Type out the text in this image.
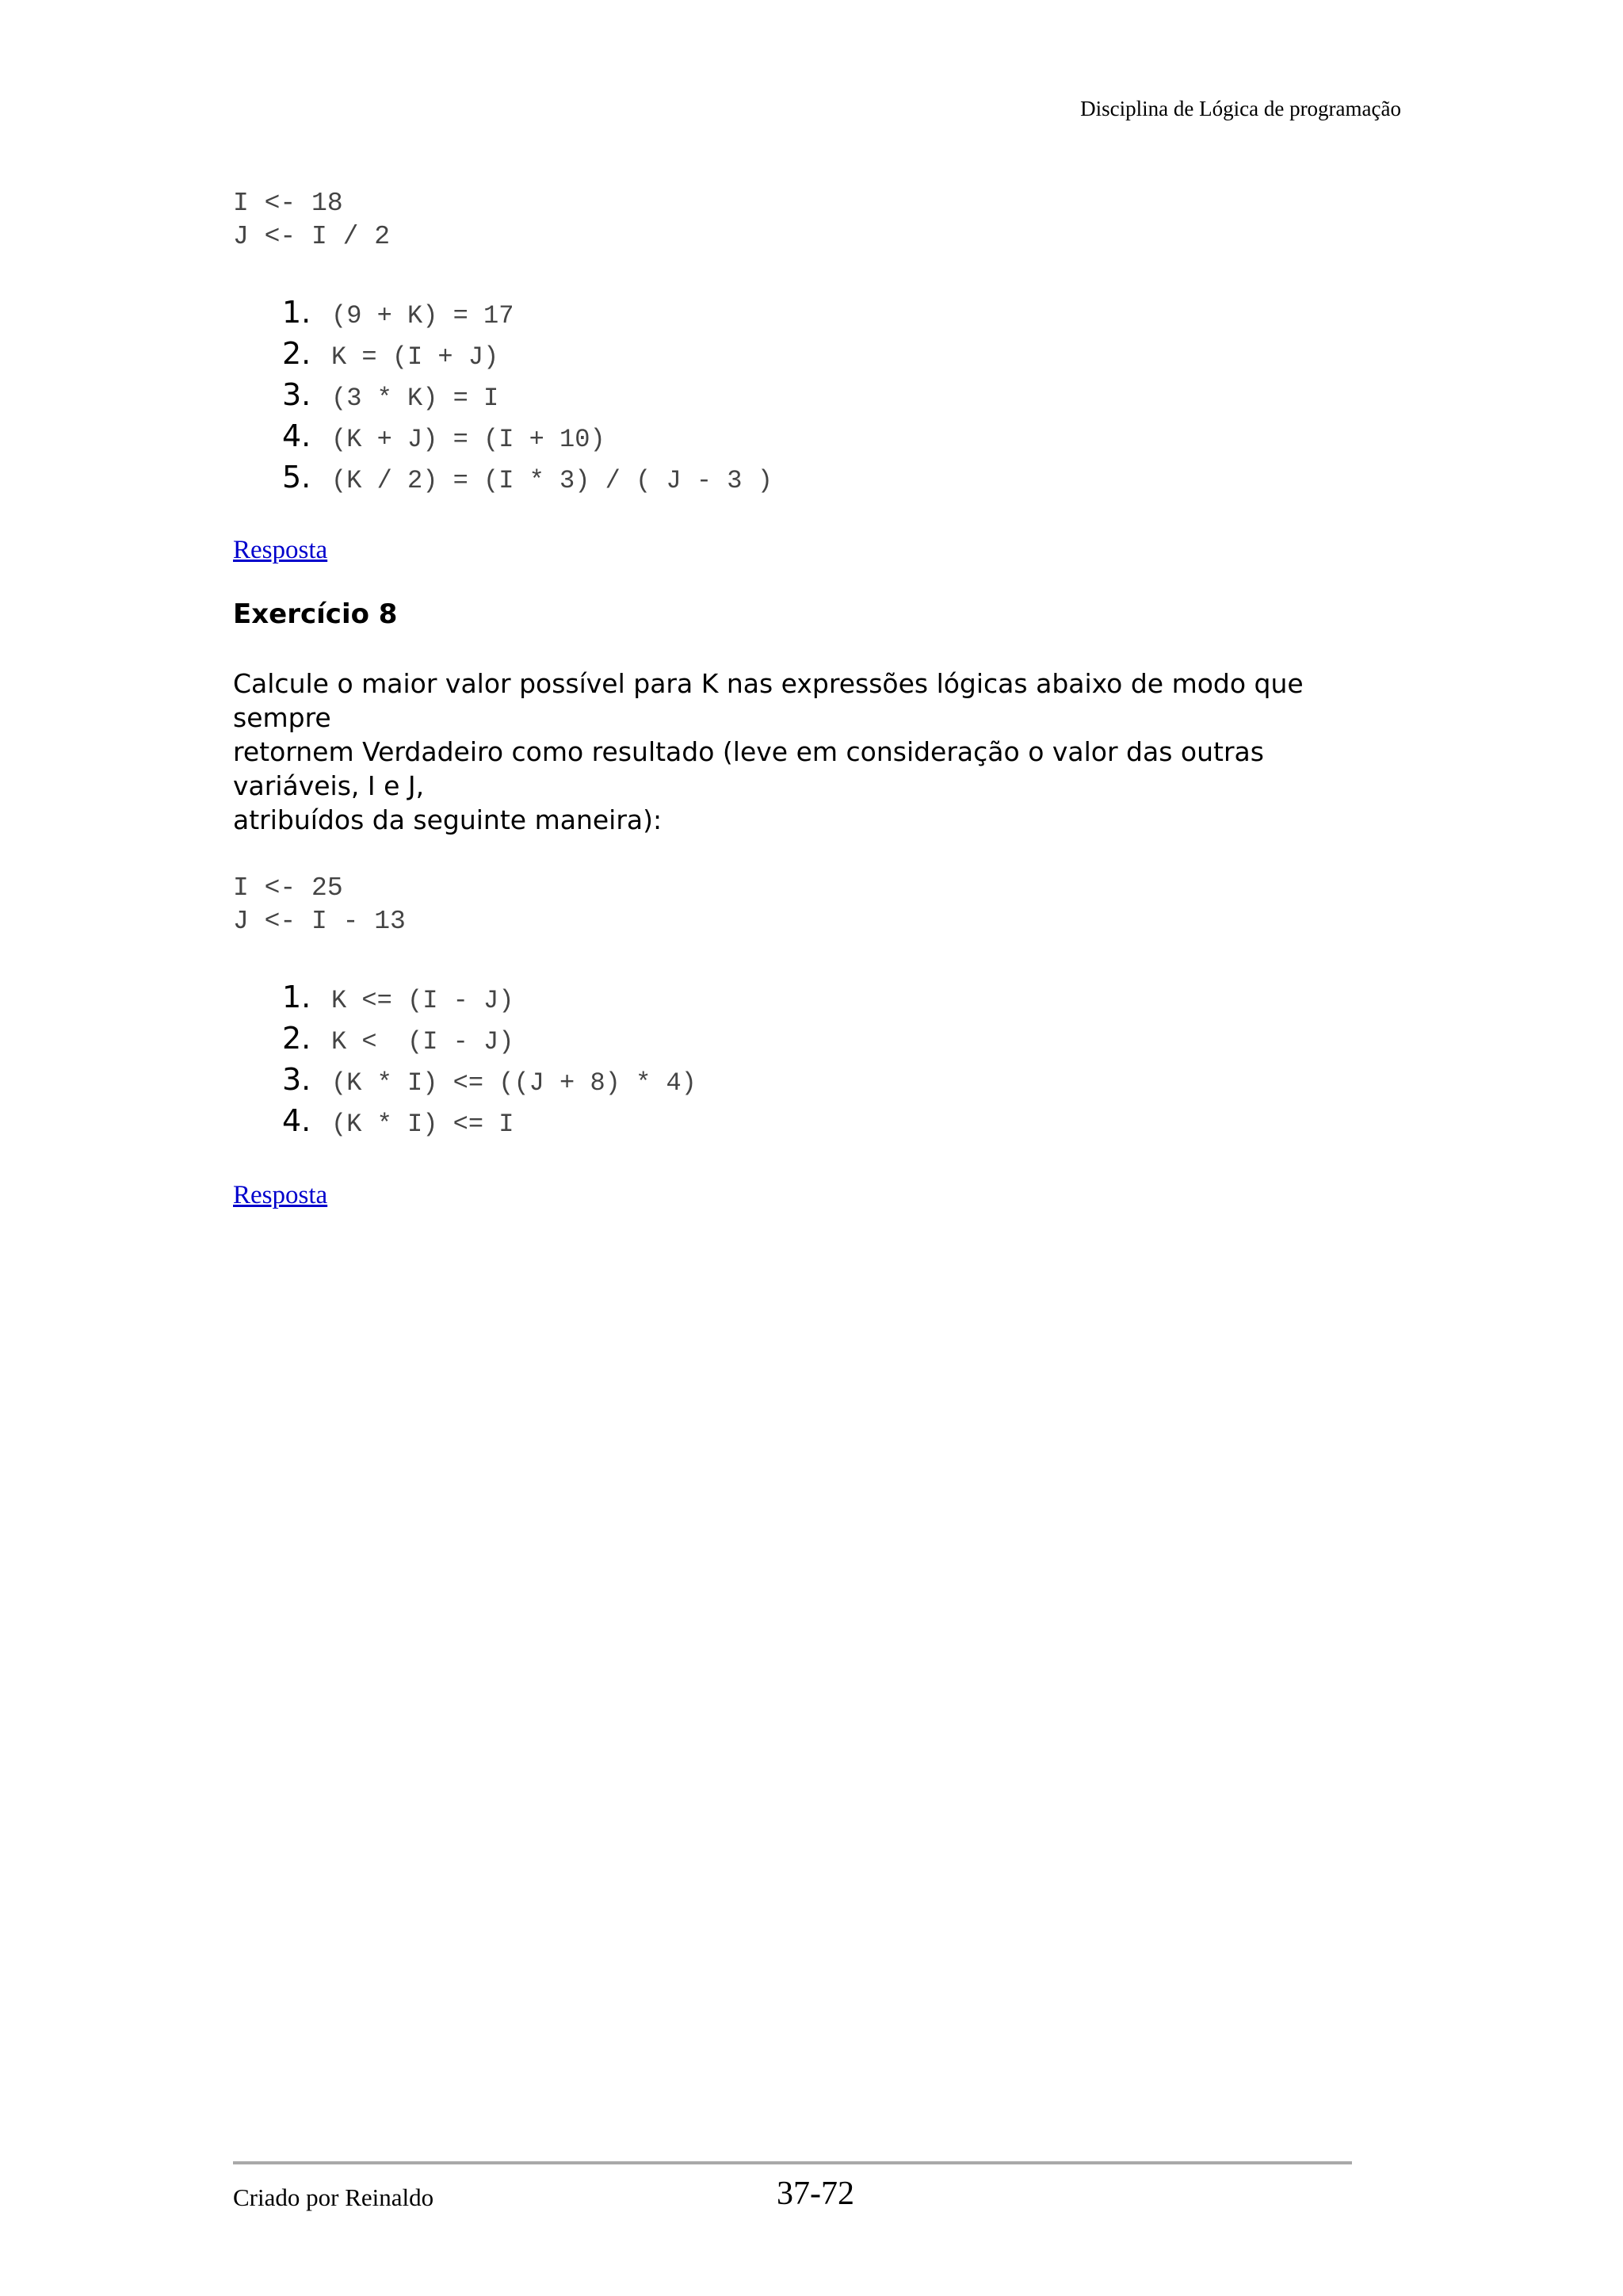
Disciplina de Lógica de programação
I <- 18
J <- I / 2
1. (9 + K) = 17
2. K = (I + J)
3. (3 * K) = I
4. (K + J) = (I + 10)
5. (K / 2) = (I * 3) / ( J - 3 )
Resposta
Exercício 8

Calcule o maior valor possível para K nas expressões lógicas abaixo de modo que sempre
retornem Verdadeiro como resultado (leve em consideração o valor das outras variáveis, I e J,
atribuídos da seguinte maneira):

I <- 25
J <- I - 13
1. K <= (I - J)
2. K <  (I - J)
3. (K * I) <= ((J + 8) * 4)
4. (K * I) <= I
Resposta
Criado por Reinaldo	37-72
